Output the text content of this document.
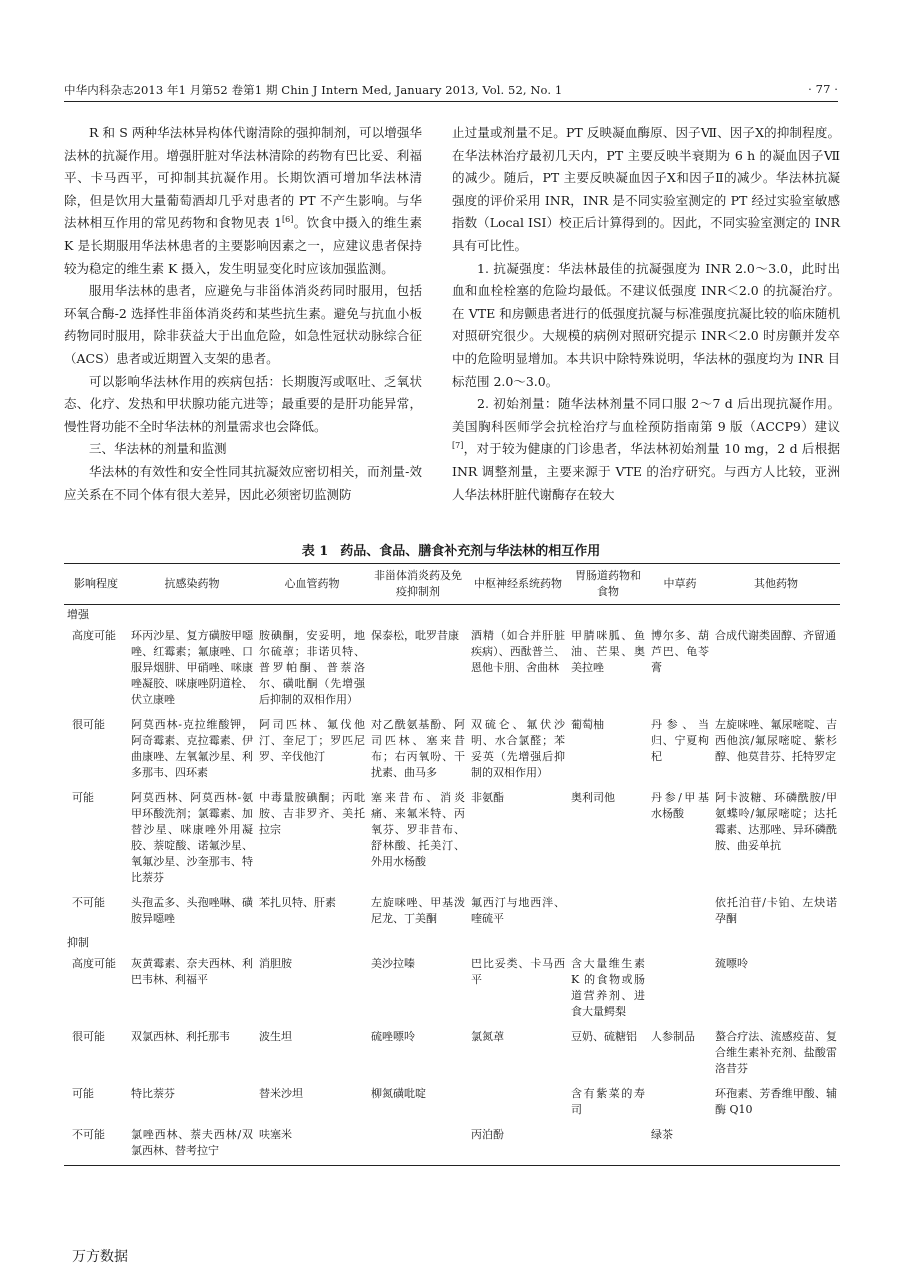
中华内科杂志2013 年1 月第52 卷第1 期 Chin J Intern Med, January 2013, Vol. 52, No. 1	· 77 ·

R 和 S 两种华法林异构体代谢清除的强抑制剂，可以增强华法林的抗凝作用。增强肝脏对华法林清除的药物有巴比妥、利福平、卡马西平，可抑制其抗凝作用。长期饮酒可增加华法林清除，但是饮用大量葡萄酒却几乎对患者的 PT 不产生影响。与华法林相互作用的常见药物和食物见表 1[6]。饮食中摄入的维生素 K 是长期服用华法林患者的主要影响因素之一，应建议患者保持较为稳定的维生素 K 摄入，发生明显变化时应该加强监测。

服用华法林的患者，应避免与非甾体消炎药同时服用，包括环氧合酶-2 选择性非甾体消炎药和某些抗生素。避免与抗血小板药物同时服用，除非获益大于出血危险，如急性冠状动脉综合征（ACS）患者或近期置入支架的患者。

可以影响华法林作用的疾病包括：长期腹泻或呕吐、乏氧状态、化疗、发热和甲状腺功能亢进等；最重要的是肝功能异常，慢性肾功能不全时华法林的剂量需求也会降低。

三、华法林的剂量和监测

华法林的有效性和安全性同其抗凝效应密切相关，而剂量-效应关系在不同个体有很大差异，因此必须密切监测防

止过量或剂量不足。PT 反映凝血酶原、因子Ⅶ、因子Ⅹ的抑制程度。在华法林治疗最初几天内，PT 主要反映半衰期为 6 h 的凝血因子Ⅶ的减少。随后，PT 主要反映凝血因子Ⅹ和因子Ⅱ的减少。华法林抗凝强度的评价采用 INR，INR 是不同实验室测定的 PT 经过实验室敏感指数（Local ISI）校正后计算得到的。因此，不同实验室测定的 INR 具有可比性。

1. 抗凝强度：华法林最佳的抗凝强度为 INR 2.0～3.0，此时出血和血栓栓塞的危险均最低。不建议低强度 INR＜2.0 的抗凝治疗。在 VTE 和房颤患者进行的低强度抗凝与标准强度抗凝比较的临床随机对照研究很少。大规模的病例对照研究提示 INR＜2.0 时房颤并发卒中的危险明显增加。本共识中除特殊说明，华法林的强度均为 INR 目标范围 2.0～3.0。

2. 初始剂量：随华法林剂量不同口服 2～7 d 后出现抗凝作用。美国胸科医师学会抗栓治疗与血栓预防指南第 9 版（ACCP9）建议[7]，对于较为健康的门诊患者，华法林初始剂量 10 mg，2 d 后根据 INR 调整剂量，主要来源于 VTE 的治疗研究。与西方人比较，亚洲人华法林肝脏代谢酶存在较大

表 1 药品、食品、膳食补充剂与华法林的相互作用
影响程度	抗感染药物	心血管药物	非甾体消炎药及免疫抑制剂	中枢神经系统药物	胃肠道药物和食物	中草药	其他药物
增强							
高度可能	环丙沙星、复方磺胺甲噁唑、红霉素；氟康唑、口服异烟肼、甲硝唑、咪康唑凝胶、咪康唑阴道栓、伏立康唑	胺碘酮，安妥明，地尔硫䓬；非诺贝特、普罗帕酮、普萘洛尔、磺吡酮（先增强后抑制的双相作用）	保泰松，吡罗昔康	酒精（如合并肝脏疾病）、西酞普兰、恩他卡朋、舍曲林	甲腈咪胍、鱼油、芒果、奥美拉唑	博尔多、葫芦巴、龟苓膏	合成代谢类固醇、齐留通
很可能	阿莫西林-克拉维酸钾，阿奇霉素、克拉霉素、伊曲康唑、左氧氟沙星、利多那韦、四环素	阿司匹林、氟伐他汀、奎尼丁；罗匹尼罗、辛伐他汀	对乙酰氨基酚、阿司匹林、塞来昔布；右丙氧吩、干扰素、曲马多	双硫仑、氟伏沙明、水合氯醛；苯妥英（先增强后抑制的双相作用）	葡萄柚	丹参、当归、宁夏枸杞	左旋咪唑、氟尿嘧啶、吉西他滨/氟尿嘧啶、紫杉醇、他莫昔芬、托特罗定
可能	阿莫西林、阿莫西林-氨甲环酸洗剂；氯霉素、加替沙星、咪康唑外用凝胶、萘啶酸、诺氟沙星、氧氟沙星、沙奎那韦、特比萘芬	中毒量胺碘酮；丙吡胺、吉非罗齐、美托拉宗	塞来昔布、消炎痛、来氟米特、丙氧芬、罗非昔布、舒林酸、托美汀、外用水杨酸	非氨酯	奥利司他	丹参/甲基水杨酸	阿卡波糖、环磷酰胺/甲氨蝶呤/氟尿嘧啶；达托霉素、达那唑、异环磷酰胺、曲妥单抗
不可能	头孢孟多、头孢唑啉、磺胺异噁唑	苯扎贝特、肝素	左旋咪唑、甲基泼尼龙、丁美酮	氟西汀与地西泮、喹硫平			依托泊苷/卡铂、左炔诺孕酮
抑制							
高度可能	灰黄霉素、奈夫西林、利巴韦林、利福平	消胆胺	美沙拉嗪	巴比妥类、卡马西平	含大量维生素 K 的食物或肠道营养剂、进食大量鳄梨		巯嘌呤
很可能	双氯西林、利托那韦	波生坦	硫唑嘌呤	氯氮䓬	豆奶、硫糖铝	人参制品	螯合疗法、流感疫苗、复合维生素补充剂、盐酸雷洛昔芬
可能	特比萘芬	替米沙坦	柳氮磺吡啶		含有紫菜的寿司		环孢素、芳香维甲酸、辅酶 Q10
不可能	氯唑西林、萘夫西林/双氯西林、替考拉宁	呋塞米		丙泊酚		绿茶	
万方数据
